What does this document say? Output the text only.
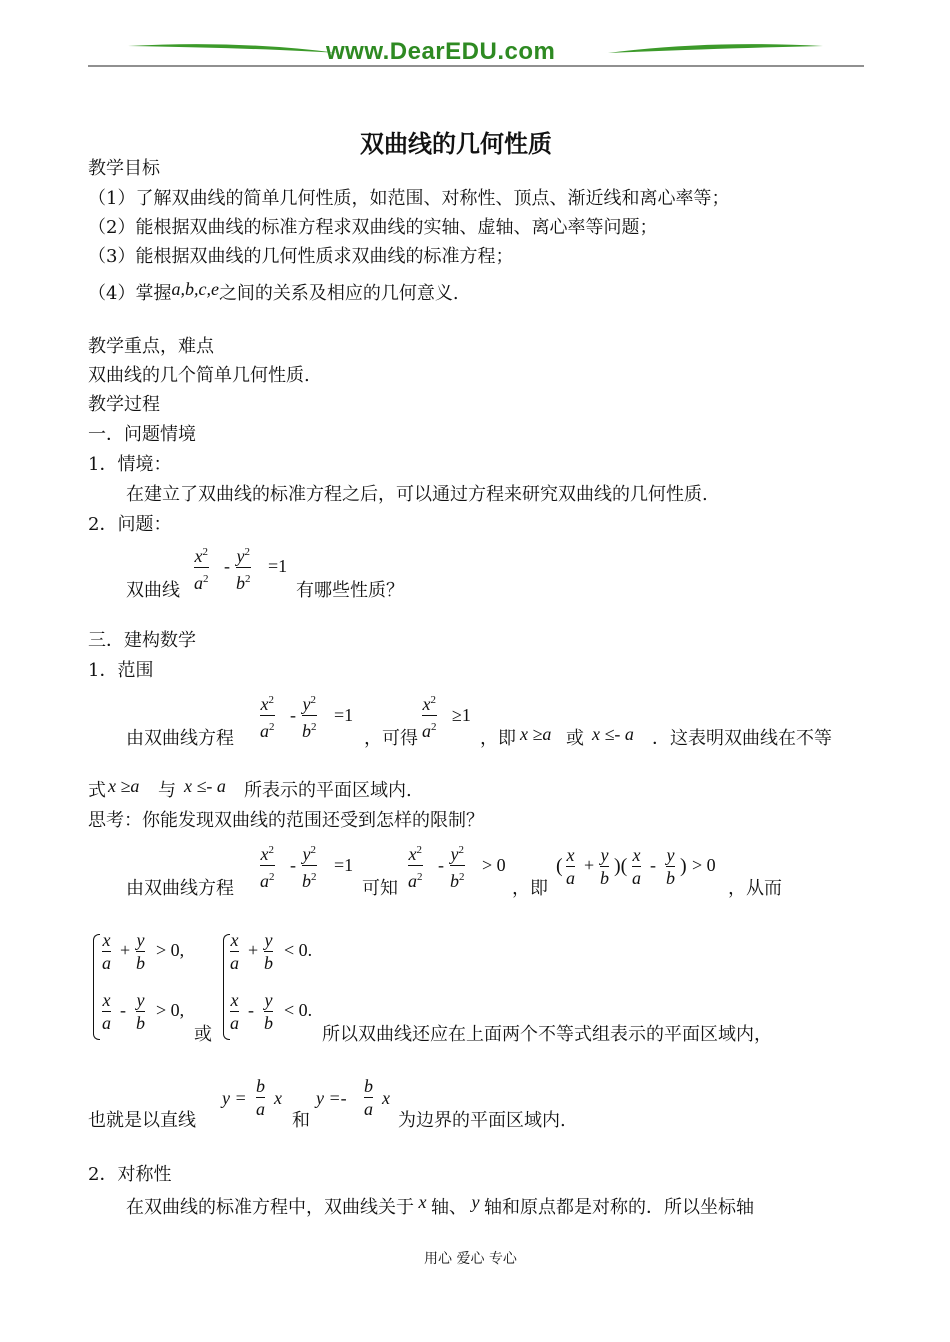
www.DearEDU.com
双曲线的几何性质
教学目标
（1）了解双曲线的简单几何性质，如范围、对称性、顶点、渐近线和离心率等；
（2）能根据双曲线的标准方程求双曲线的实轴、虚轴、离心率等问题；
（3）能根据双曲线的几何性质求双曲线的标准方程；
（4）掌握a,b,c,e之间的关系及相应的几何意义.
教学重点，难点
双曲线的几个简单几何性质.
教学过程
一．问题情境
1．情境：
在建立了双曲线的标准方程之后，可以通过方程来研究双曲线的几何性质.
2．问题：
双曲线
$x^2$
$a^2$
- $y^2$
$b^2$
=1
有哪些性质？
三．建构数学
1．范围
由双曲线方程
$x^2$
$a^2$
-
$y^2$
$b^2$
=1
，可得
$x^2$
$a^2$
≥1
，即 x ≥a 或 x ≤- a ．这表明双曲线在不等
式 x ≥a 与 x ≤- a 所表示的平面区域内.
思考：你能发现双曲线的范围还受到怎样的限制？
由双曲线方程
$x^2$
$a^2$
-
$y^2$
$b^2$
=1
可知
$x^2$
$a^2$
-
$y^2$
$b^2$
> 0
，即
( x
a
+ y
b
)( x
a
- y
b
) > 0
，从而
x
a
+ y
b
> 0,
x
a
- y
b
> 0,
或
x
a
+ y
b
< 0.
x
a
- y
b
< 0.
所以双曲线还应在上面两个不等式组表示的平面区域内，
也就是以直线
y =
b
a
x
和
y =-
b
a
x
为边界的平面区域内.
2．对称性
在双曲线的标准方程中，双曲线关于 x 轴、 y 轴和原点都是对称的．所以坐标轴
用心 爱心 专心
